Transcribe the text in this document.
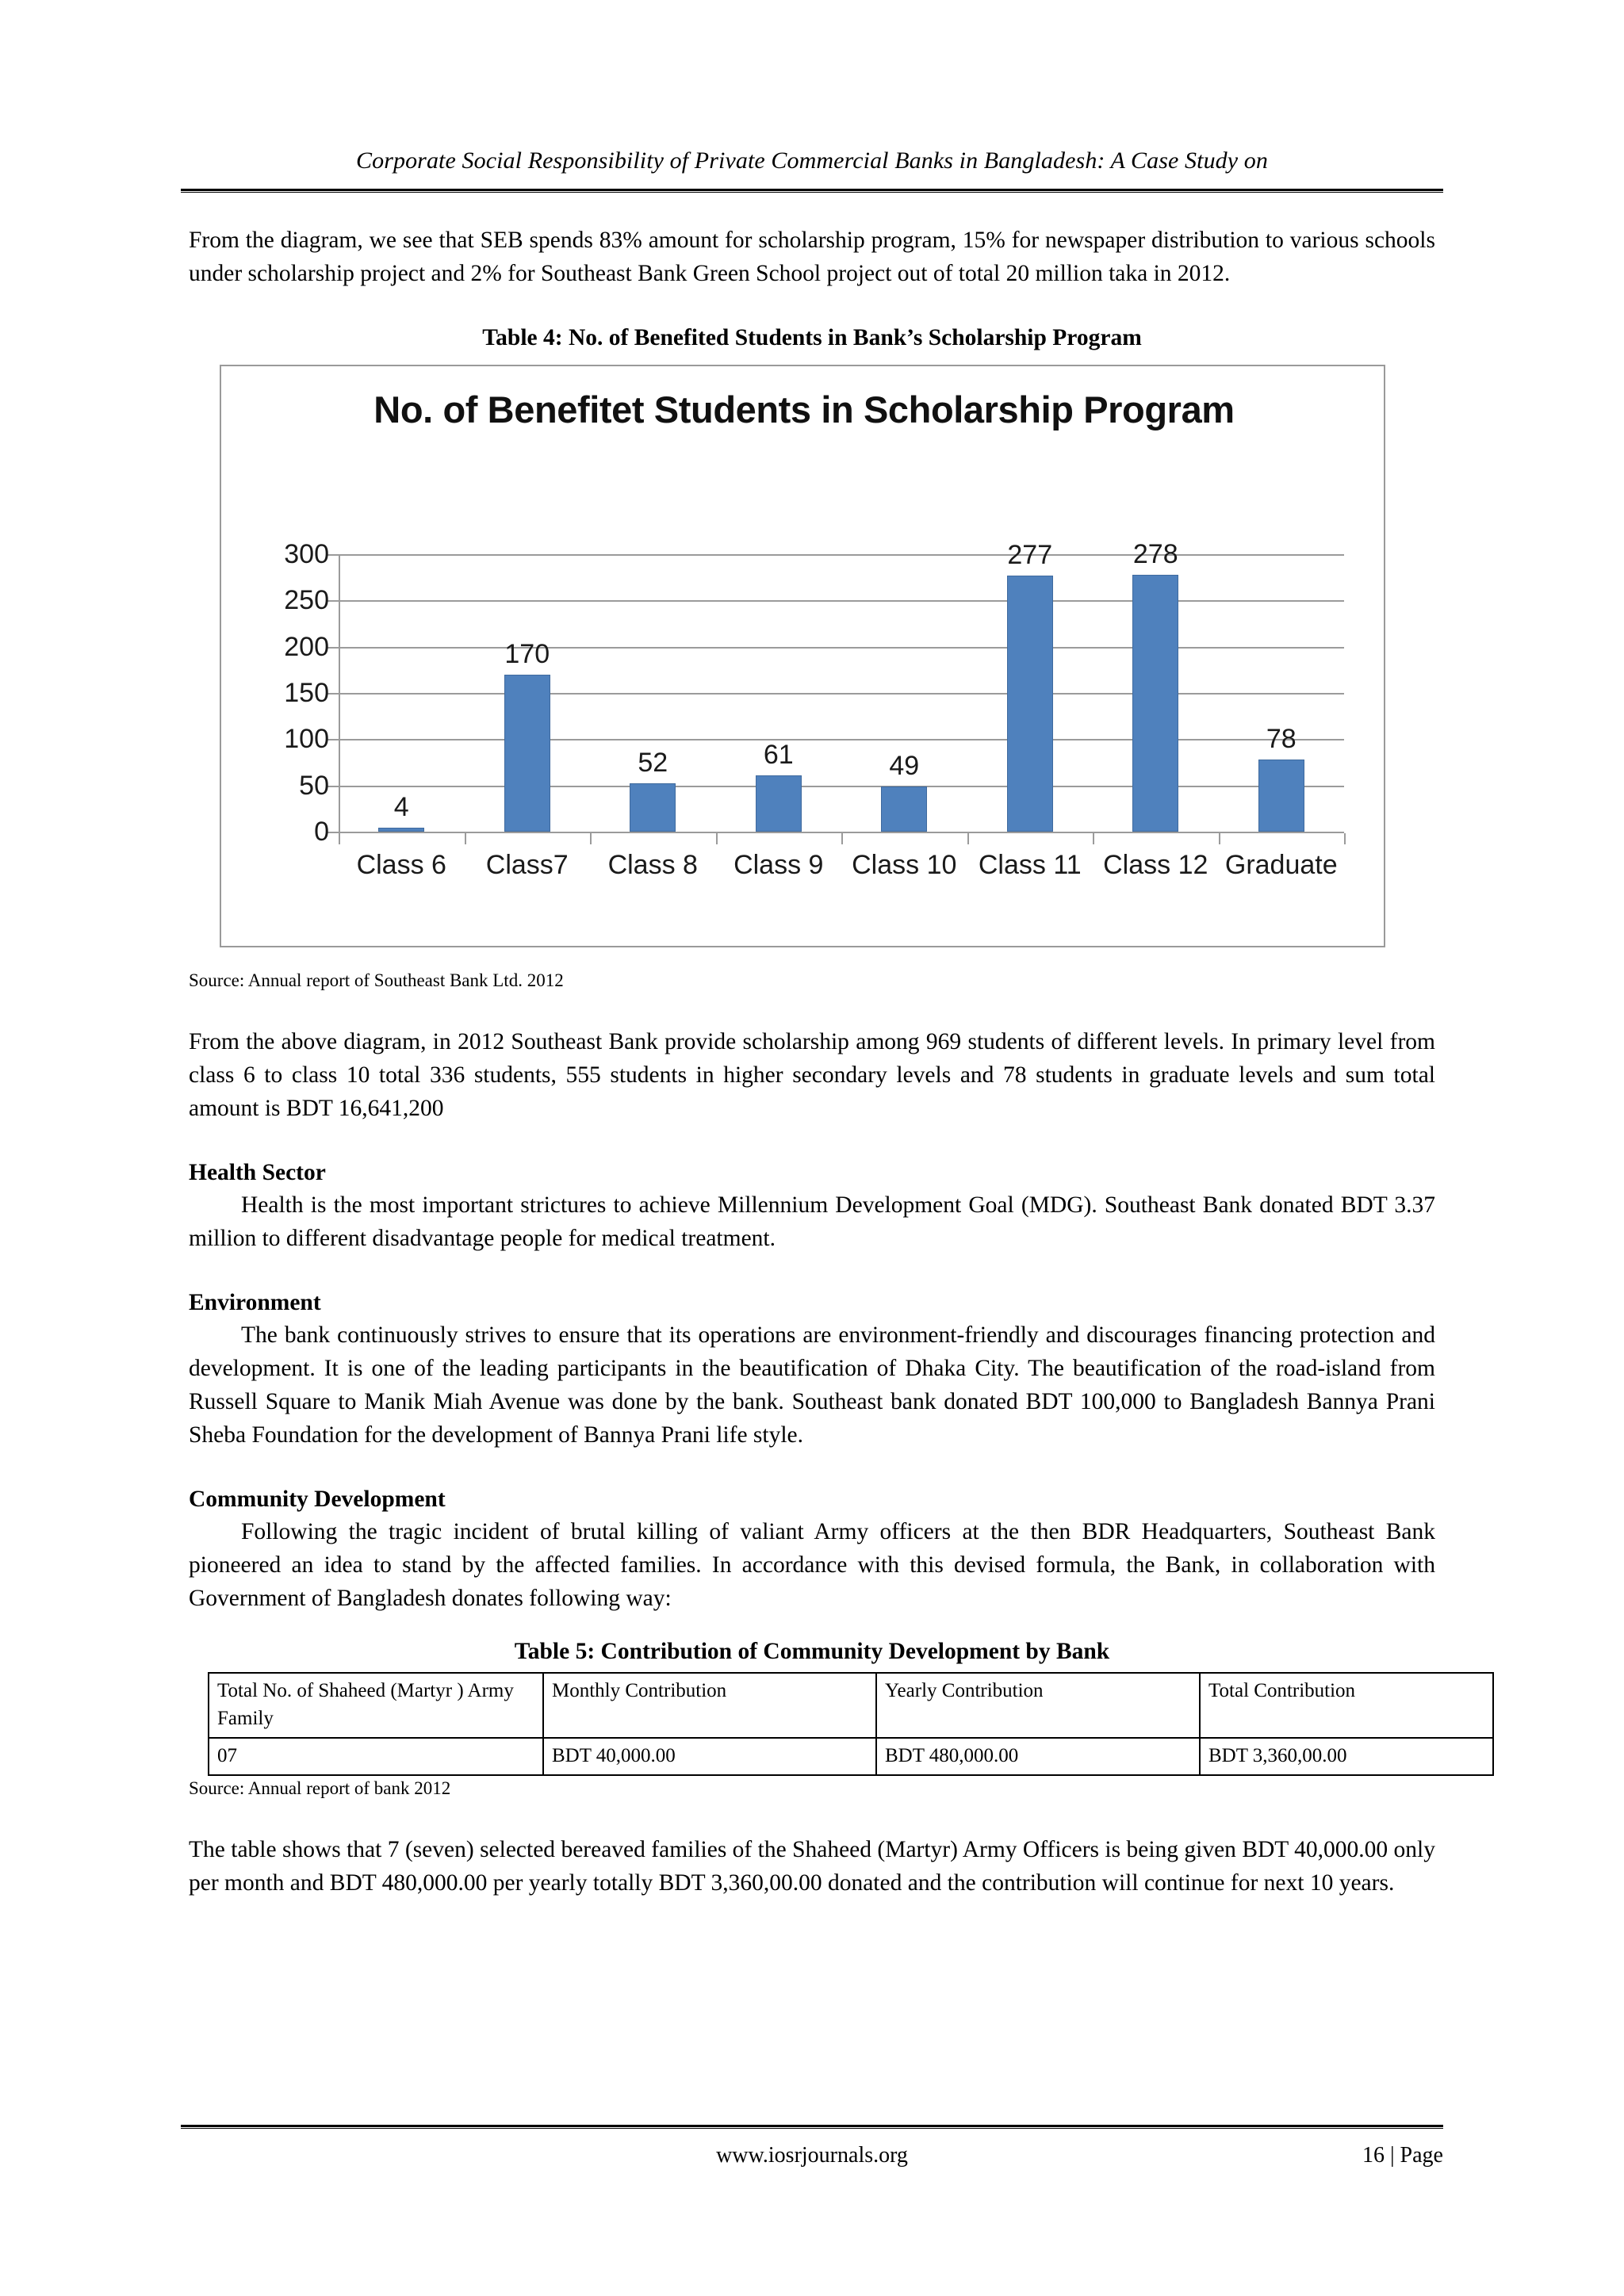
Corporate Social Responsibility of Private Commercial Banks in Bangladesh: A Case Study on

From the diagram, we see that SEB spends 83% amount for scholarship program, 15% for newspaper distribution to various schools under scholarship project and 2% for Southeast Bank Green School project out of total 20 million taka in 2012.

Table 4: No. of Benefited Students in Bank’s Scholarship Program

No. of Benefitet Students in Scholarship Program
0
50
100
150
200
250
300
4
170
52	61	49
277	278
78
Class 6 Class7 Class 8 Class 9 Class 10 Class 11 Class 12 Graduate

Source: Annual report of Southeast Bank Ltd. 2012

From the above diagram, in 2012 Southeast Bank provide scholarship among 969 students of different levels. In primary level from class 6 to class 10 total 336 students, 555 students in higher secondary levels and 78 students in graduate levels and sum total amount is BDT 16,641,200

Health Sector

Health is the most important strictures to achieve Millennium Development Goal (MDG). Southeast Bank donated BDT 3.37 million to different disadvantage people for medical treatment.

Environment

The bank continuously strives to ensure that its operations are environment-friendly and discourages financing protection and development. It is one of the leading participants in the beautification of Dhaka City. The beautification of the road-island from Russell Square to Manik Miah Avenue was done by the bank. Southeast bank donated BDT 100,000 to Bangladesh Bannya Prani Sheba Foundation for the development of Bannya Prani life style.

Community Development

Following the tragic incident of brutal killing of valiant Army officers at the then BDR Headquarters, Southeast Bank pioneered an idea to stand by the affected families. In accordance with this devised formula, the Bank, in collaboration with Government of Bangladesh donates following way:

Table 5: Contribution of Community Development by Bank

Total No. of Shaheed (Martyr ) Army Family	Monthly Contribution	Yearly Contribution	Total Contribution
07	BDT 40,000.00	BDT 480,000.00	BDT 3,360,00.00

Source: Annual report of bank 2012

The table shows that 7 (seven) selected bereaved families of the Shaheed (Martyr) Army Officers is being given BDT 40,000.00 only per month and BDT 480,000.00 per yearly totally BDT 3,360,00.00 donated and the contribution will continue for next 10 years.

www.iosrjournals.org	16 | Page
